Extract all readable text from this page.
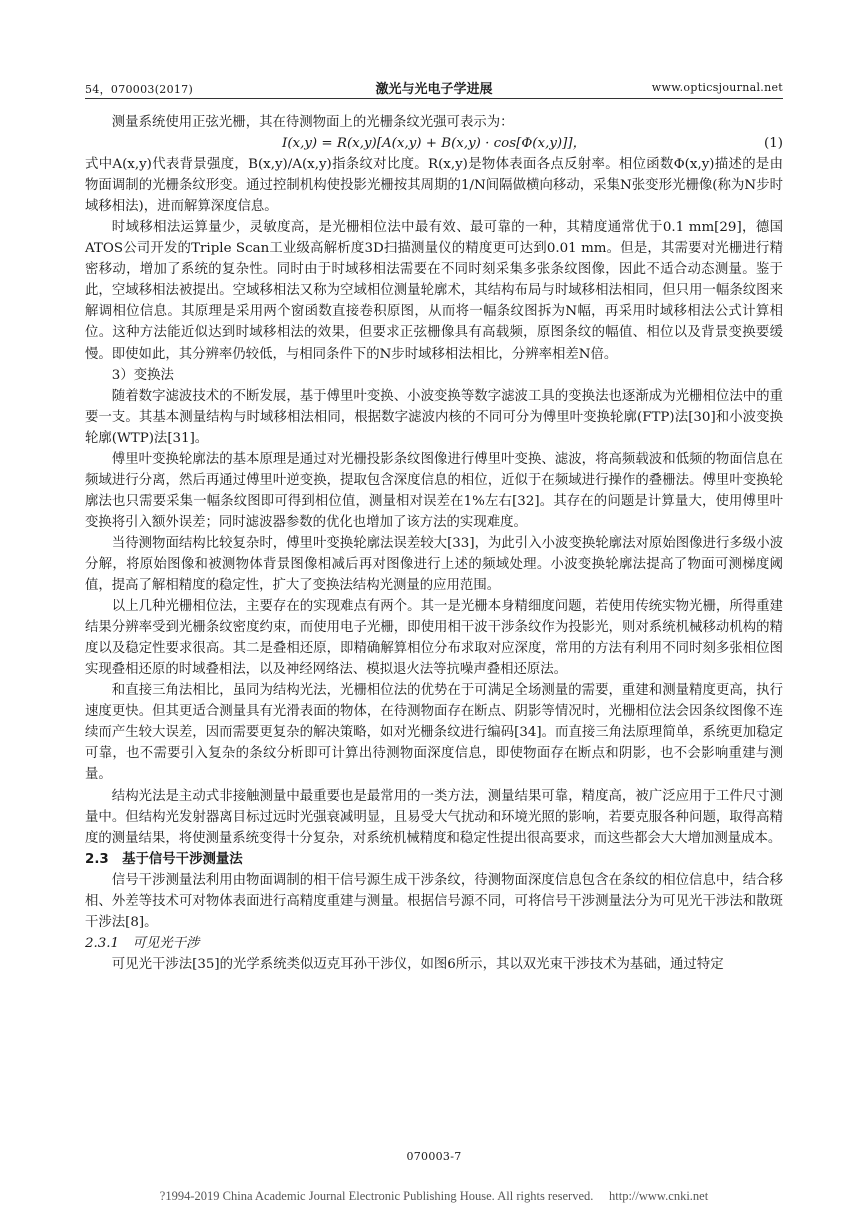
54，070003(2017)	激光与光电子学进展	www.opticsjournal.net

测量系统使用正弦光栅，其在待测物面上的光栅条纹光强可表示为：

I(x,y) = R(x,y)[A(x,y) + B(x,y) · cos[Φ(x,y)]]，	(1)

式中A(x,y)代表背景强度，B(x,y)/A(x,y)指条纹对比度。R(x,y)是物体表面各点反射率。相位函数Φ(x,y)描述的是由物面调制的光栅条纹形变。通过控制机构使投影光栅按其周期的1/N间隔做横向移动，采集N张变形光栅像(称为N步时域移相法)，进而解算深度信息。

时域移相法运算量少，灵敏度高，是光栅相位法中最有效、最可靠的一种，其精度通常优于0.1 mm[29]，德国ATOS公司开发的Triple Scan工业级高解析度3D扫描测量仪的精度更可达到0.01 mm。但是，其需要对光栅进行精密移动，增加了系统的复杂性。同时由于时域移相法需要在不同时刻采集多张条纹图像，因此不适合动态测量。鉴于此，空域移相法被提出。空域移相法又称为空域相位测量轮廓术，其结构布局与时域移相法相同，但只用一幅条纹图来解调相位信息。其原理是采用两个窗函数直接卷积原图，从而将一幅条纹图拆为N幅，再采用时域移相法公式计算相位。这种方法能近似达到时域移相法的效果，但要求正弦栅像具有高载频，原图条纹的幅值、相位以及背景变换要缓慢。即使如此，其分辨率仍较低，与相同条件下的N步时域移相法相比，分辨率相差N倍。

3）变换法

随着数字滤波技术的不断发展，基于傅里叶变换、小波变换等数字滤波工具的变换法也逐渐成为光栅相位法中的重要一支。其基本测量结构与时域移相法相同，根据数字滤波内核的不同可分为傅里叶变换轮廓(FTP)法[30]和小波变换轮廓(WTP)法[31]。

傅里叶变换轮廓法的基本原理是通过对光栅投影条纹图像进行傅里叶变换、滤波，将高频载波和低频的物面信息在频域进行分离，然后再通过傅里叶逆变换，提取包含深度信息的相位，近似于在频域进行操作的叠栅法。傅里叶变换轮廓法也只需要采集一幅条纹图即可得到相位值，测量相对误差在1%左右[32]。其存在的问题是计算量大，使用傅里叶变换将引入额外误差；同时滤波器参数的优化也增加了该方法的实现难度。

当待测物面结构比较复杂时，傅里叶变换轮廓法误差较大[33]，为此引入小波变换轮廓法对原始图像进行多级小波分解，将原始图像和被测物体背景图像相减后再对图像进行上述的频域处理。小波变换轮廓法提高了物面可测梯度阈值，提高了解相精度的稳定性，扩大了变换法结构光测量的应用范围。

以上几种光栅相位法，主要存在的实现难点有两个。其一是光栅本身精细度问题，若使用传统实物光栅，所得重建结果分辨率受到光栅条纹密度约束，而使用电子光栅，即使用相干波干涉条纹作为投影光，则对系统机械移动机构的精度以及稳定性要求很高。其二是叠相还原，即精确解算相位分布求取对应深度，常用的方法有利用不同时刻多张相位图实现叠相还原的时域叠相法，以及神经网络法、模拟退火法等抗噪声叠相还原法。

和直接三角法相比，虽同为结构光法，光栅相位法的优势在于可满足全场测量的需要，重建和测量精度更高，执行速度更快。但其更适合测量具有光滑表面的物体，在待测物面存在断点、阴影等情况时，光栅相位法会因条纹图像不连续而产生较大误差，因而需要更复杂的解决策略，如对光栅条纹进行编码[34]。而直接三角法原理简单，系统更加稳定可靠，也不需要引入复杂的条纹分析即可计算出待测物面深度信息，即使物面存在断点和阴影，也不会影响重建与测量。

结构光法是主动式非接触测量中最重要也是最常用的一类方法，测量结果可靠，精度高，被广泛应用于工件尺寸测量中。但结构光发射器离目标过远时光强衰减明显，且易受大气扰动和环境光照的影响，若要克服各种问题，取得高精度的测量结果，将使测量系统变得十分复杂，对系统机械精度和稳定性提出很高要求，而这些都会大大增加测量成本。

2.3　基于信号干涉测量法

信号干涉测量法利用由物面调制的相干信号源生成干涉条纹，待测物面深度信息包含在条纹的相位信息中，结合移相、外差等技术可对物体表面进行高精度重建与测量。根据信号源不同，可将信号干涉测量法分为可见光干涉法和散斑干涉法[8]。

2.3.1　可见光干涉

可见光干涉法[35]的光学系统类似迈克耳孙干涉仪，如图6所示，其以双光束干涉技术为基础，通过特定

070003-7
?1994-2019 China Academic Journal Electronic Publishing House. All rights reserved.　 http://www.cnki.net
